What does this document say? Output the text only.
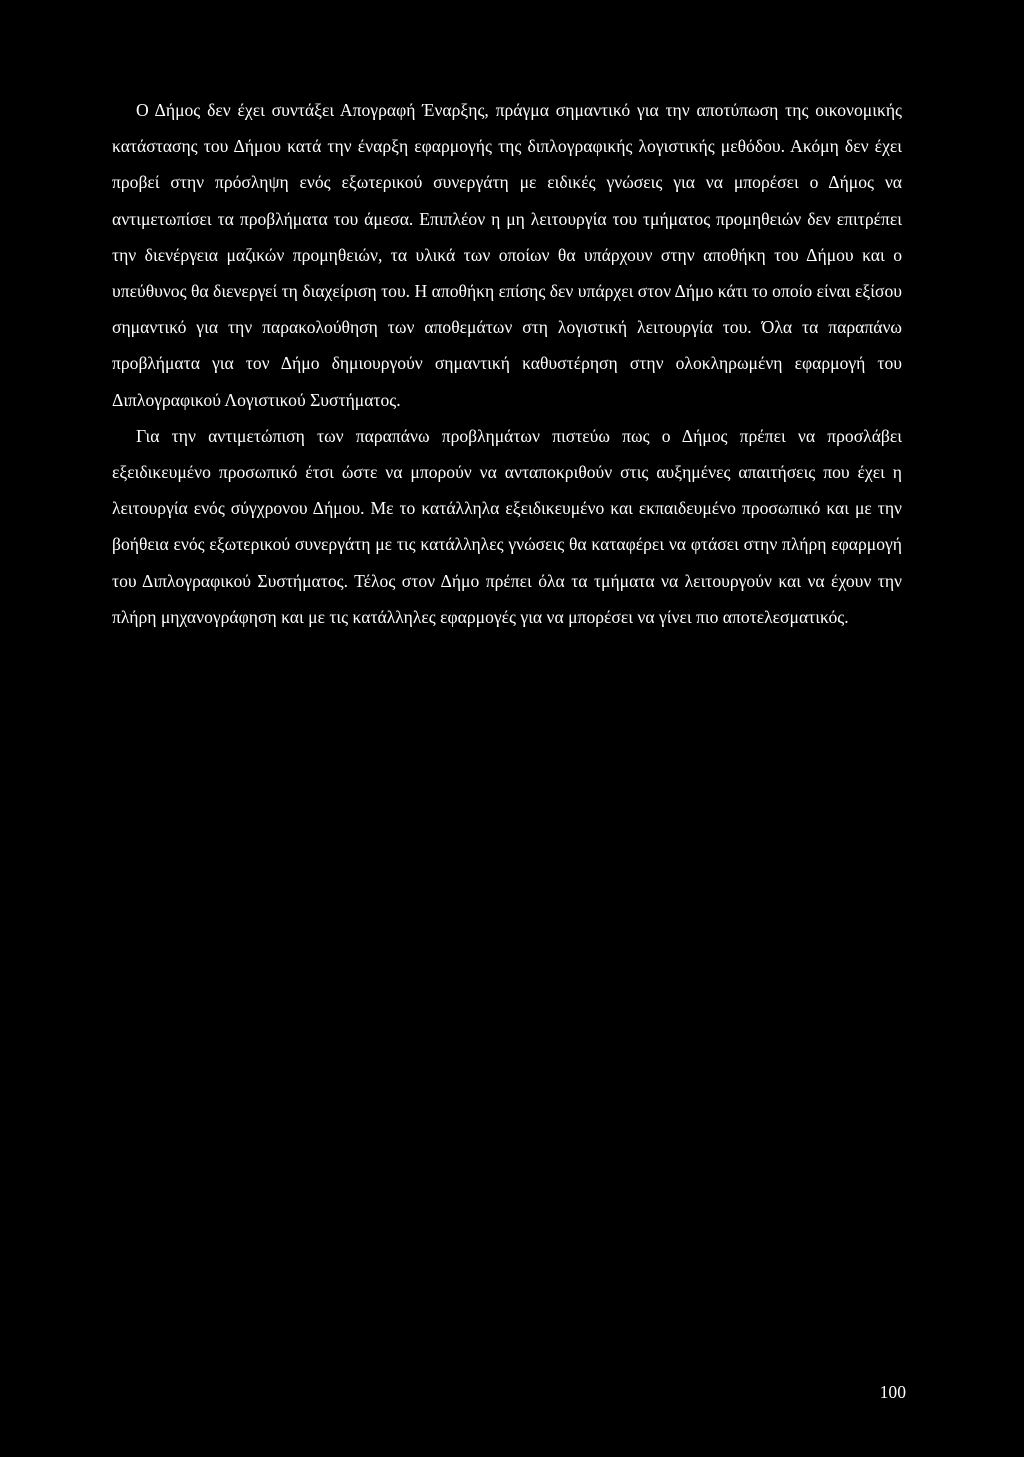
Ο Δήμος δεν έχει συντάξει Απογραφή Έναρξης, πράγμα σημαντικό για την αποτύπωση της οικονομικής κατάστασης του Δήμου κατά την έναρξη εφαρμογής της διπλογραφικής λογιστικής μεθόδου. Ακόμη δεν έχει προβεί στην πρόσληψη ενός εξωτερικού συνεργάτη με ειδικές γνώσεις για να μπορέσει ο Δήμος να αντιμετωπίσει τα προβλήματα του άμεσα. Επιπλέον η μη λειτουργία του τμήματος προμηθειών δεν επιτρέπει την διενέργεια μαζικών προμηθειών, τα υλικά των οποίων θα υπάρχουν στην αποθήκη του Δήμου και ο υπεύθυνος θα διενεργεί τη διαχείριση του. Η αποθήκη επίσης δεν υπάρχει στον Δήμο κάτι το οποίο είναι εξίσου σημαντικό για την παρακολούθηση των αποθεμάτων στη λογιστική λειτουργία του. Όλα τα παραπάνω προβλήματα για τον Δήμο δημιουργούν σημαντική καθυστέρηση στην ολοκληρωμένη εφαρμογή του Διπλογραφικού Λογιστικού Συστήματος.

Για την αντιμετώπιση των παραπάνω προβλημάτων πιστεύω πως ο Δήμος πρέπει να προσλάβει εξειδικευμένο προσωπικό έτσι ώστε να μπορούν να ανταποκριθούν στις αυξημένες απαιτήσεις που έχει η λειτουργία ενός σύγχρονου Δήμου. Με το κατάλληλα εξειδικευμένο και εκπαιδευμένο προσωπικό και με την βοήθεια ενός εξωτερικού συνεργάτη με τις κατάλληλες γνώσεις θα καταφέρει να φτάσει στην πλήρη εφαρμογή του Διπλογραφικού Συστήματος. Τέλος στον Δήμο πρέπει όλα τα τμήματα να λειτουργούν και να έχουν την πλήρη μηχανογράφηση και με τις κατάλληλες εφαρμογές για να μπορέσει να γίνει πιο αποτελεσματικός.

100
